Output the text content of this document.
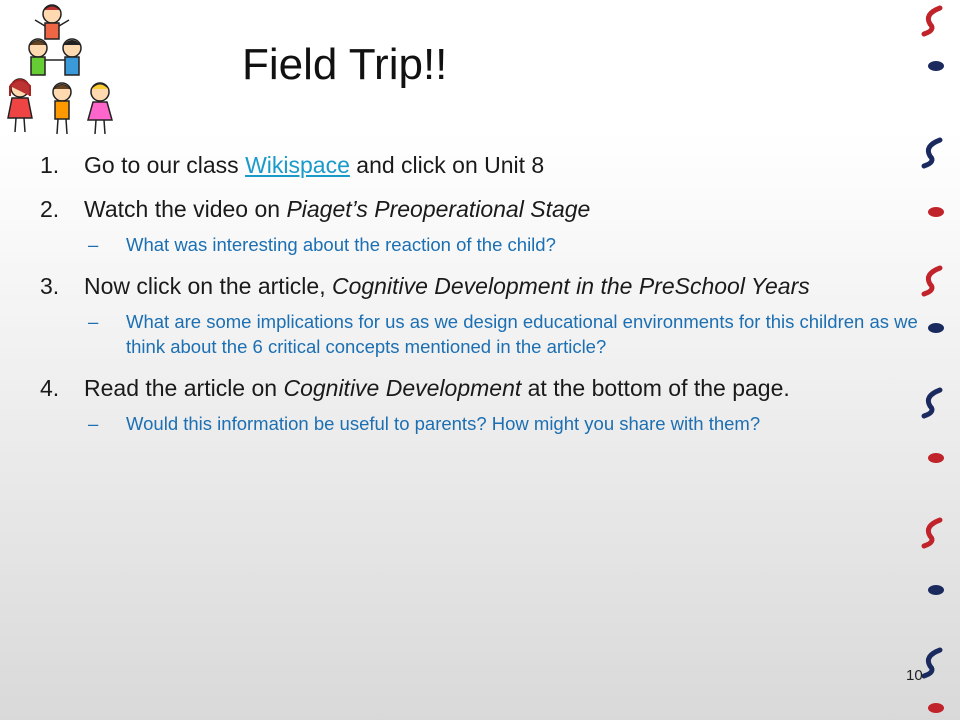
Field Trip!!
1. Go to our class Wikispace and click on Unit 8
2. Watch the video on Piaget’s Preoperational Stage
– What was interesting about the reaction of the child?
3. Now click on the article, Cognitive Development in the PreSchool Years
– What are some implications for us as we design educational environments for this children as we think about the 6 critical concepts mentioned in the article?
4. Read the article on Cognitive Development at the bottom of the page.
– Would this information be useful to parents? How might you share with them?
10
